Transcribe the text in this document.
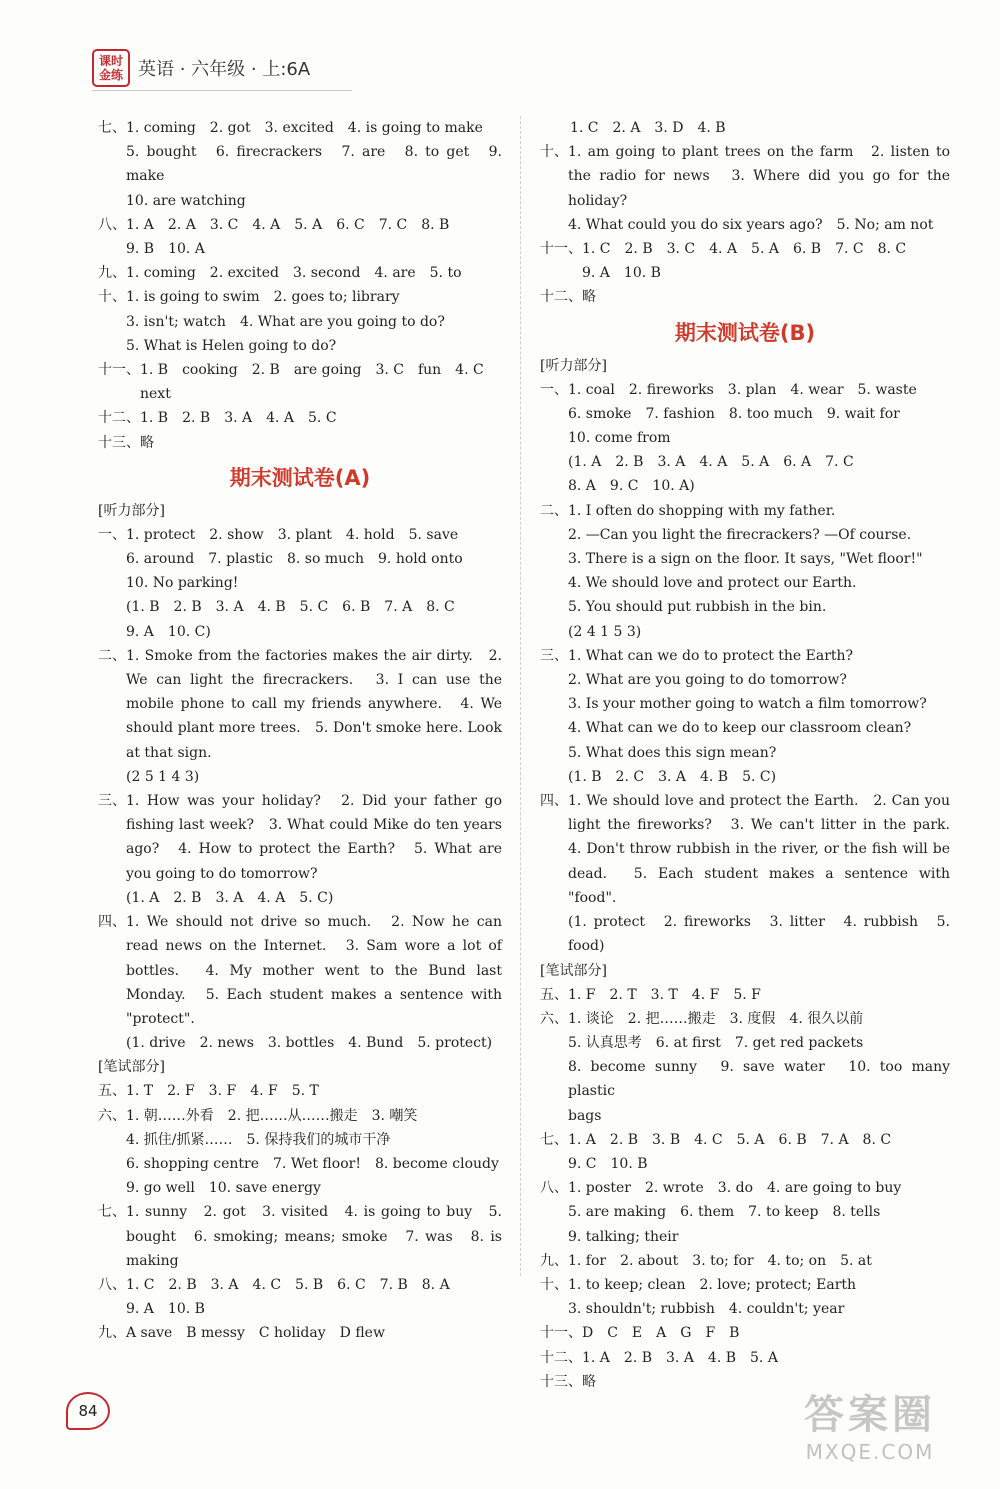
课时
金练 英语 · 六年级 · 上:6A
七、 1. coming　2. got　3. excited　4. is going to make
5. bought　6. firecrackers　7. are　8. to get　9. make
10. are watching
八、 1. A　2. A　3. C　4. A　5. A　6. C　7. C　8. B
9. B　10. A
九、 1. coming　2. excited　3. second　4. are　5. to
十、 1. is going to swim　2. goes to; library
3. isn't; watch　4. What are you going to do?
5. What is Helen going to do?
十一、 1. B　cooking　2. B　are going　3. C　fun　4. C
next
十二、 1. B　2. B　3. A　4. A　5. C
十三、 略
期末测试卷(A)
[听力部分]
一、 1. protect　2. show　3. plant　4. hold　5. save
6. around　7. plastic　8. so much　9. hold onto
10. No parking!
(1. B　2. B　3. A　4. B　5. C　6. B　7. A　8. C
9. A　10. C)
二、 1. Smoke from the factories makes the air dirty.　2. We can light the firecrackers.　3. I can use the mobile phone to call my friends anywhere.　4. We should plant more trees.　5. Don't smoke here. Look at that sign.
(2 5 1 4 3)
三、 1. How was your holiday?　2. Did your father go fishing last week?　3. What could Mike do ten years ago?　4. How to protect the Earth?　5. What are you going to do tomorrow?
(1. A　2. B　3. A　4. A　5. C)
四、 1. We should not drive so much.　2. Now he can read news on the Internet.　3. Sam wore a lot of bottles.　4. My mother went to the Bund last Monday.　5. Each student makes a sentence with "protect".
(1. drive　2. news　3. bottles　4. Bund　5. protect)
[笔试部分]
五、 1. T　2. F　3. F　4. F　5. T
六、 1. 朝……外看　2. 把……从……搬走　3. 嘲笑
4. 抓住/抓紧……　5. 保持我们的城市干净
6. shopping centre　7. Wet floor!　8. become cloudy
9. go well　10. save energy
七、 1. sunny　2. got　3. visited　4. is going to buy　5. bought　6. smoking; means; smoke　7. was　8. is making
八、 1. C　2. B　3. A　4. C　5. B　6. C　7. B　8. A
9. A　10. B
九、 A save　B messy　C holiday　D flew
1. C　2. A　3. D　4. B
十、 1. am going to plant trees on the farm　2. listen to the radio for news　3. Where did you go for the holiday?
4. What could you do six years ago?　5. No; am not
十一、 1. C　2. B　3. C　4. A　5. A　6. B　7. C　8. C
9. A　10. B
十二、 略
期末测试卷(B)
[听力部分]
一、 1. coal　2. fireworks　3. plan　4. wear　5. waste
6. smoke　7. fashion　8. too much　9. wait for
10. come from
(1. A　2. B　3. A　4. A　5. A　6. A　7. C
8. A　9. C　10. A)
二、 1. I often do shopping with my father.
2. —Can you light the firecrackers? —Of course.
3. There is a sign on the floor. It says, "Wet floor!"
4. We should love and protect our Earth.
5. You should put rubbish in the bin.
(2 4 1 5 3)
三、 1. What can we do to protect the Earth?
2. What are you going to do tomorrow?
3. Is your mother going to watch a film tomorrow?
4. What can we do to keep our classroom clean?
5. What does this sign mean?
(1. B　2. C　3. A　4. B　5. C)
四、 1. We should love and protect the Earth.　2. Can you light the fireworks?　3. We can't litter in the park.　4. Don't throw rubbish in the river, or the fish will be dead.　5. Each student makes a sentence with "food".
(1. protect　2. fireworks　3. litter　4. rubbish　5. food)
[笔试部分]
五、 1. F　2. T　3. T　4. F　5. F
六、 1. 谈论　2. 把……搬走　3. 度假　4. 很久以前
5. 认真思考　6. at first　7. get red packets
8. become sunny　9. save water　10. too many plastic
bags
七、 1. A　2. B　3. B　4. C　5. A　6. B　7. A　8. C
9. C　10. B
八、 1. poster　2. wrote　3. do　4. are going to buy
5. are making　6. them　7. to keep　8. tells
9. talking; their
九、 1. for　2. about　3. to; for　4. to; on　5. at
十、 1. to keep; clean　2. love; protect; Earth
3. shouldn't; rubbish　4. couldn't; year
十一、 D　C　E　A　G　F　B
十二、 1. A　2. B　3. A　4. B　5. A
十三、 略
84	答案圈
MXQE.COM
